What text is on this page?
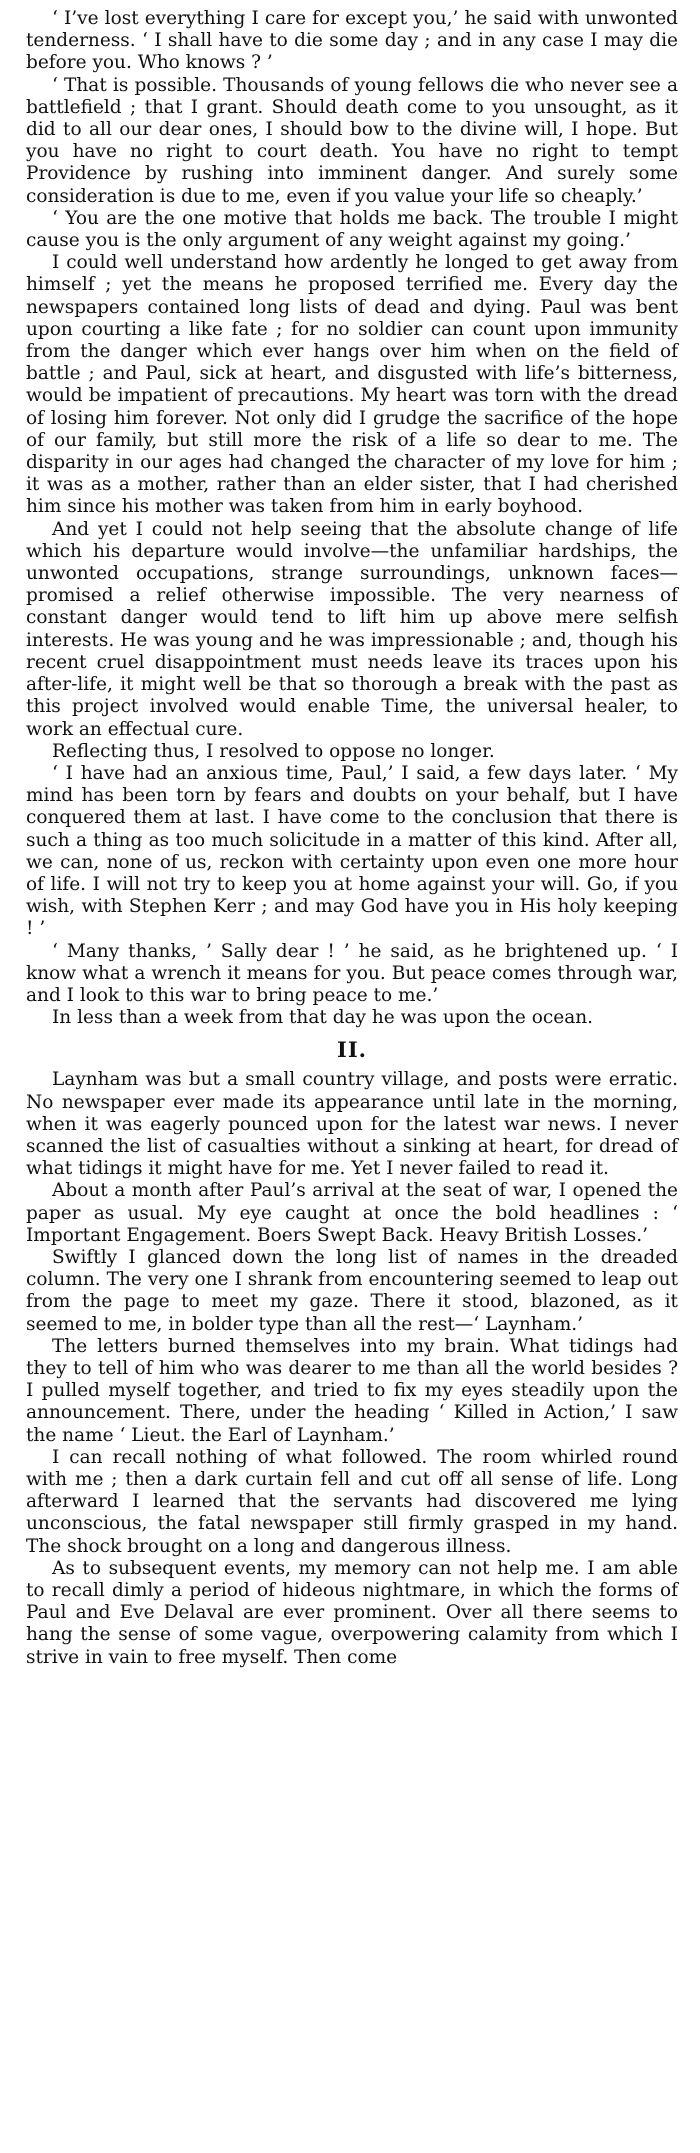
‘ I’ve lost everything I care for except you,’ he said with unwonted tenderness. ‘ I shall have to die some day ; and in any case I may die before you. Who knows ? ’

‘ That is possible. Thousands of young fellows die who never see a battlefield ; that I grant. Should death come to you unsought, as it did to all our dear ones, I should bow to the divine will, I hope. But you have no right to court death. You have no right to tempt Providence by rushing into imminent danger. And surely some consideration is due to me, even if you value your life so cheaply.’

‘ You are the one motive that holds me back. The trouble I might cause you is the only argument of any weight against my going.’

I could well understand how ardently he longed to get away from himself ; yet the means he proposed terrified me. Every day the newspapers contained long lists of dead and dying. Paul was bent upon courting a like fate ; for no soldier can count upon immunity from the danger which ever hangs over him when on the field of battle ; and Paul, sick at heart, and disgusted with life’s bitterness, would be impatient of precautions. My heart was torn with the dread of losing him forever. Not only did I grudge the sacrifice of the hope of our family, but still more the risk of a life so dear to me. The disparity in our ages had changed the character of my love for him ; it was as a mother, rather than an elder sister, that I had cherished him since his mother was taken from him in early boyhood.

And yet I could not help seeing that the absolute change of life which his departure would involve—the unfamiliar hardships, the unwonted occupations, strange surroundings, unknown faces—promised a relief otherwise impossible. The very nearness of constant danger would tend to lift him up above mere selfish interests. He was young and he was impressionable ; and, though his recent cruel disappointment must needs leave its traces upon his after-life, it might well be that so thorough a break with the past as this project involved would enable Time, the universal healer, to work an effectual cure.

Reflecting thus, I resolved to oppose no longer.

‘ I have had an anxious time, Paul,’ I said, a few days later. ‘ My mind has been torn by fears and doubts on your behalf, but I have conquered them at last. I have come to the conclusion that there is such a thing as too much solicitude in a matter of this kind. After all, we can, none of us, reckon with certainty upon even one more hour of life. I will not try to keep you at home against your will. Go, if you wish, with Stephen Kerr ; and may God have you in His holy keeping ! ’

‘ Many thanks, ’ Sally dear ! ’ he said, as he brightened up. ‘ I know what a wrench it means for you. But peace comes through war, and I look to this war to bring peace to me.’

In less than a week from that day he was upon the ocean.

II.

Laynham was but a small country village, and posts were erratic. No newspaper ever made its appearance until late in the morning, when it was eagerly pounced upon for the latest war news. I never scanned the list of casualties without a sinking at heart, for dread of what tidings it might have for me. Yet I never failed to read it.

About a month after Paul’s arrival at the seat of war, I opened the paper as usual. My eye caught at once the bold headlines : ‘ Important Engagement. Boers Swept Back. Heavy British Losses.’

Swiftly I glanced down the long list of names in the dreaded column. The very one I shrank from encountering seemed to leap out from the page to meet my gaze. There it stood, blazoned, as it seemed to me, in bolder type than all the rest—‘ Laynham.’

The letters burned themselves into my brain. What tidings had they to tell of him who was dearer to me than all the world besides ? I pulled myself together, and tried to fix my eyes steadily upon the announcement. There, under the heading ‘ Killed in Action,’ I saw the name ‘ Lieut. the Earl of Laynham.’

I can recall nothing of what followed. The room whirled round with me ; then a dark curtain fell and cut off all sense of life. Long afterward I learned that the servants had discovered me lying unconscious, the fatal newspaper still firmly grasped in my hand. The shock brought on a long and dangerous illness.

As to subsequent events, my memory can not help me. I am able to recall dimly a period of hideous nightmare, in which the forms of Paul and Eve Delaval are ever prominent. Over all there seems to hang the sense of some vague, overpowering calamity from which I strive in vain to free myself. Then come
